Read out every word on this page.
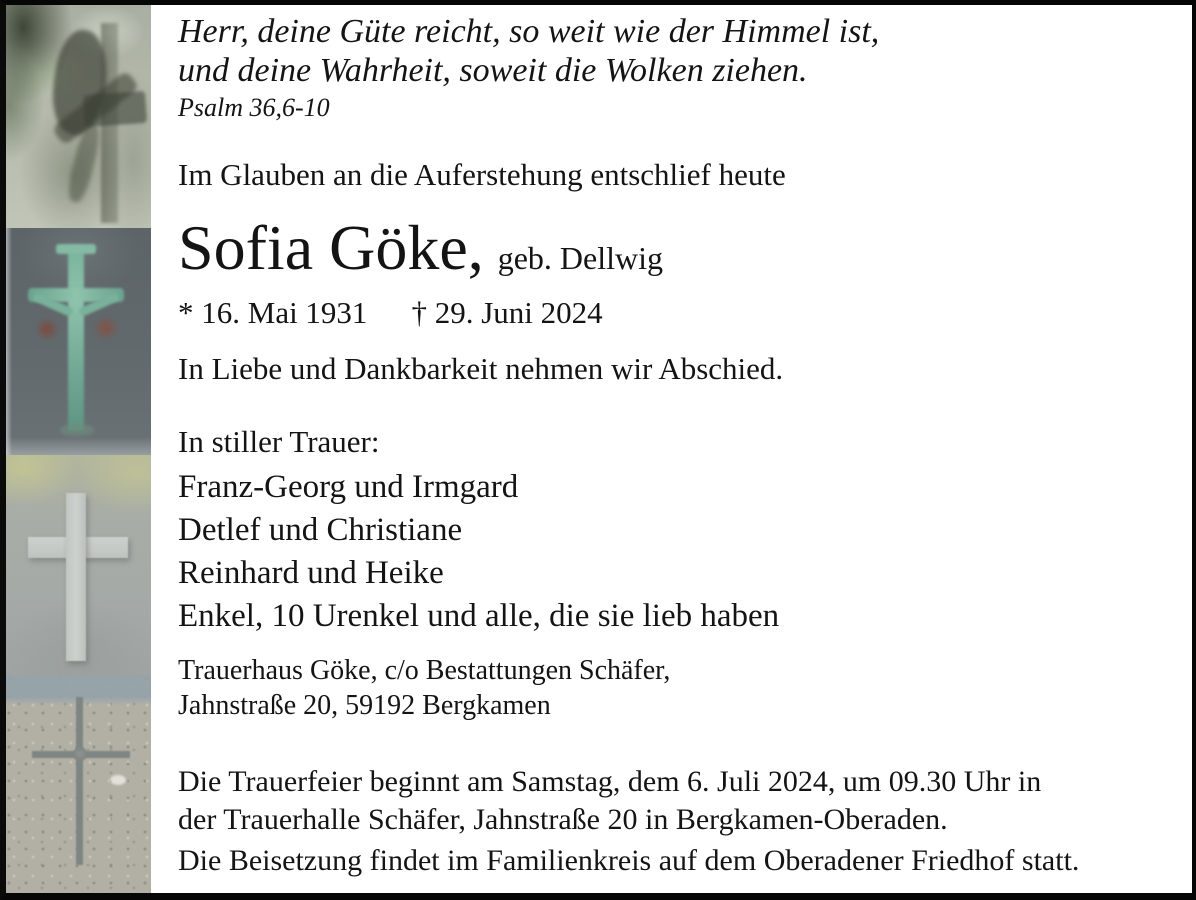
Herr, deine Güte reicht, so weit wie der Himmel ist,
und deine Wahrheit, soweit die Wolken ziehen.
Psalm 36,6-10
Im Glauben an die Auferstehung entschlief heute
Sofia Göke, geb. Dellwig
* 16. Mai 1931 † 29. Juni 2024
In Liebe und Dankbarkeit nehmen wir Abschied.
In stiller Trauer:
Franz-Georg und Irmgard
Detlef und Christiane
Reinhard und Heike
Enkel, 10 Urenkel und alle, die sie lieb haben
Trauerhaus Göke, c/o Bestattungen Schäfer,
Jahnstraße 20, 59192 Bergkamen
Die Trauerfeier beginnt am Samstag, dem 6. Juli 2024, um 09.30 Uhr in
der Trauerhalle Schäfer, Jahnstraße 20 in Bergkamen-Oberaden.
Die Beisetzung findet im Familienkreis auf dem Oberadener Friedhof statt.
